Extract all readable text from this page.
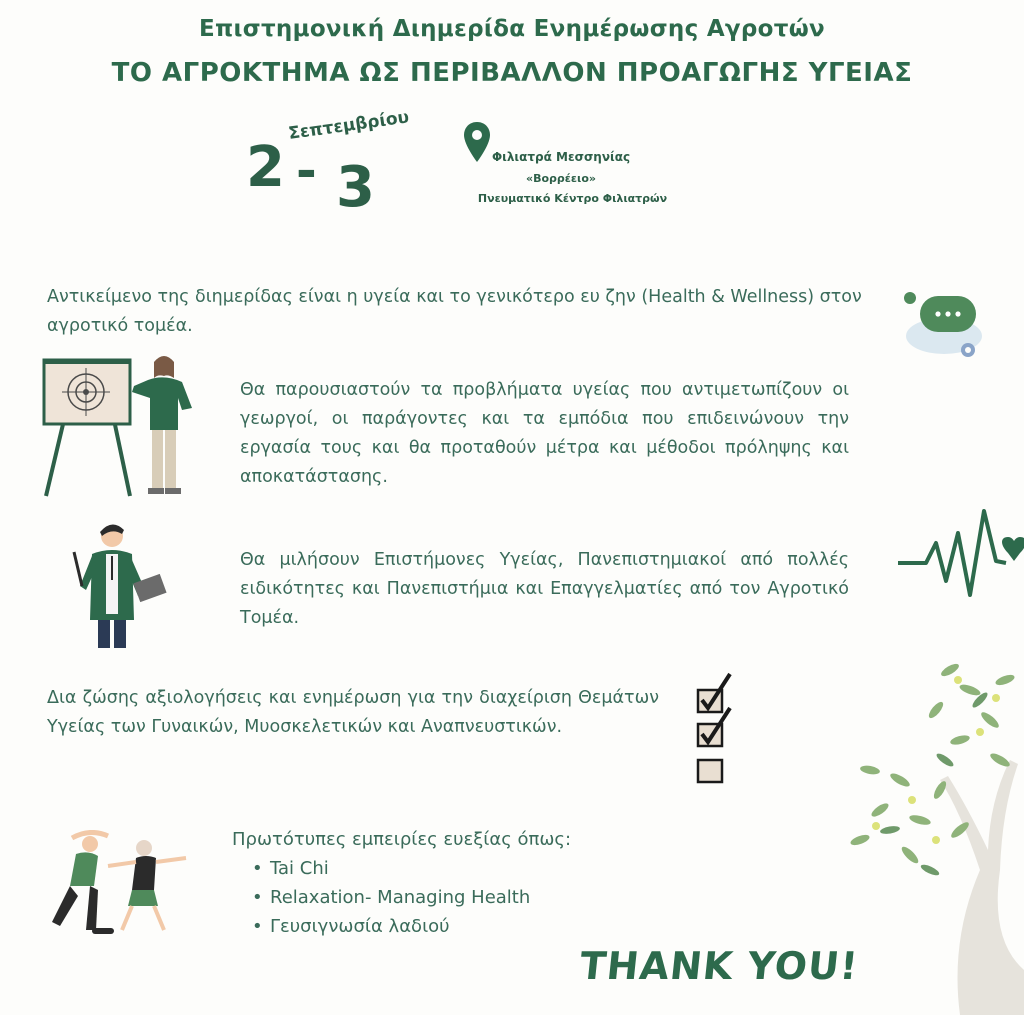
Επιστημονική Διημερίδα Ενημέρωσης Αγροτών
ΤΟ ΑΓΡΟΚΤΗΜΑ ΩΣ ΠΕΡΙΒΑΛΛΟΝ ΠΡΟΑΓΩΓΗΣ ΥΓΕΙΑΣ
2 - 3
Σεπτεμβρίου
Φιλιατρά Μεσσηνίας
«Βορρέειο»
Πνευματικό Κέντρο Φιλιατρών
Αντικείμενο της διημερίδας είναι η υγεία και το γενικότερο ευ ζην (Health & Wellness) στον αγροτικό τομέα.
Θα παρουσιαστούν τα προβλήματα υγείας που αντιμετωπίζουν οι γεωργοί, οι παράγοντες και τα εμπόδια που επιδεινώνουν την εργασία τους και θα προταθούν μέτρα και μέθοδοι πρόληψης και αποκατάστασης.
Θα μιλήσουν Επιστήμονες Υγείας, Πανεπιστημιακοί από πολλές ειδικότητες και Πανεπιστήμια και Επαγγελματίες από τον Αγροτικό Τομέα.
Δια ζώσης αξιολογήσεις και ενημέρωση για την διαχείριση Θεμάτων Υγείας των Γυναικών, Μυοσκελετικών και Αναπνευστικών.
Πρωτότυπες εμπειρίες ευεξίας όπως:
• Tai Chi
• Relaxation- Managing Health
• Γευσιγνωσία λαδιού
THANK YOU!
